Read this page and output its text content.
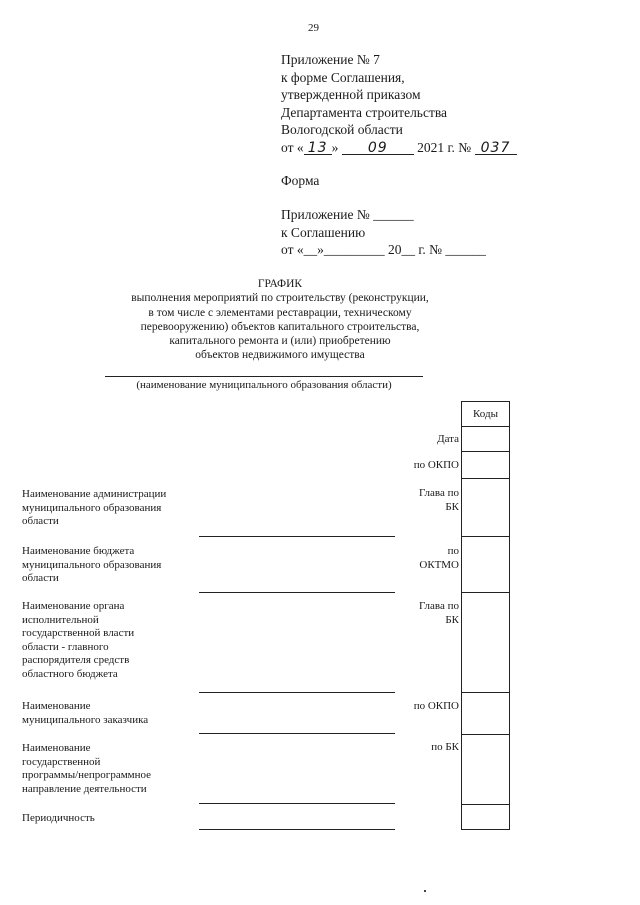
29
Приложение № 7
к форме Соглашения,
утвержденной приказом
Департамента строительства
Вологодской области
от « 13 » 09 2021 г. № 037
Форма
Приложение № ______
к Соглашению
от «__»_________ 20__ г. № ______
ГРАФИК
выполнения мероприятий по строительству (реконструкции,
в том числе с элементами реставрации, техническому
перевооружению) объектов капитального строительства,
капитального ремонта и (или) приобретению
объектов недвижимого имущества
(наименование муниципального образования области)
Коды
Дата
по ОКПО
Глава по
БК
по
ОКТМО
Глава по
БК
по ОКПО
по БК
Наименование администрации
муниципального образования
области
Наименование бюджета
муниципального образования
области
Наименование органа
исполнительной
государственной власти
области - главного
распорядителя средств
областного бюджета
Наименование
муниципального заказчика
Наименование
государственной
программы/непрограммное
направление деятельности
Периодичность
